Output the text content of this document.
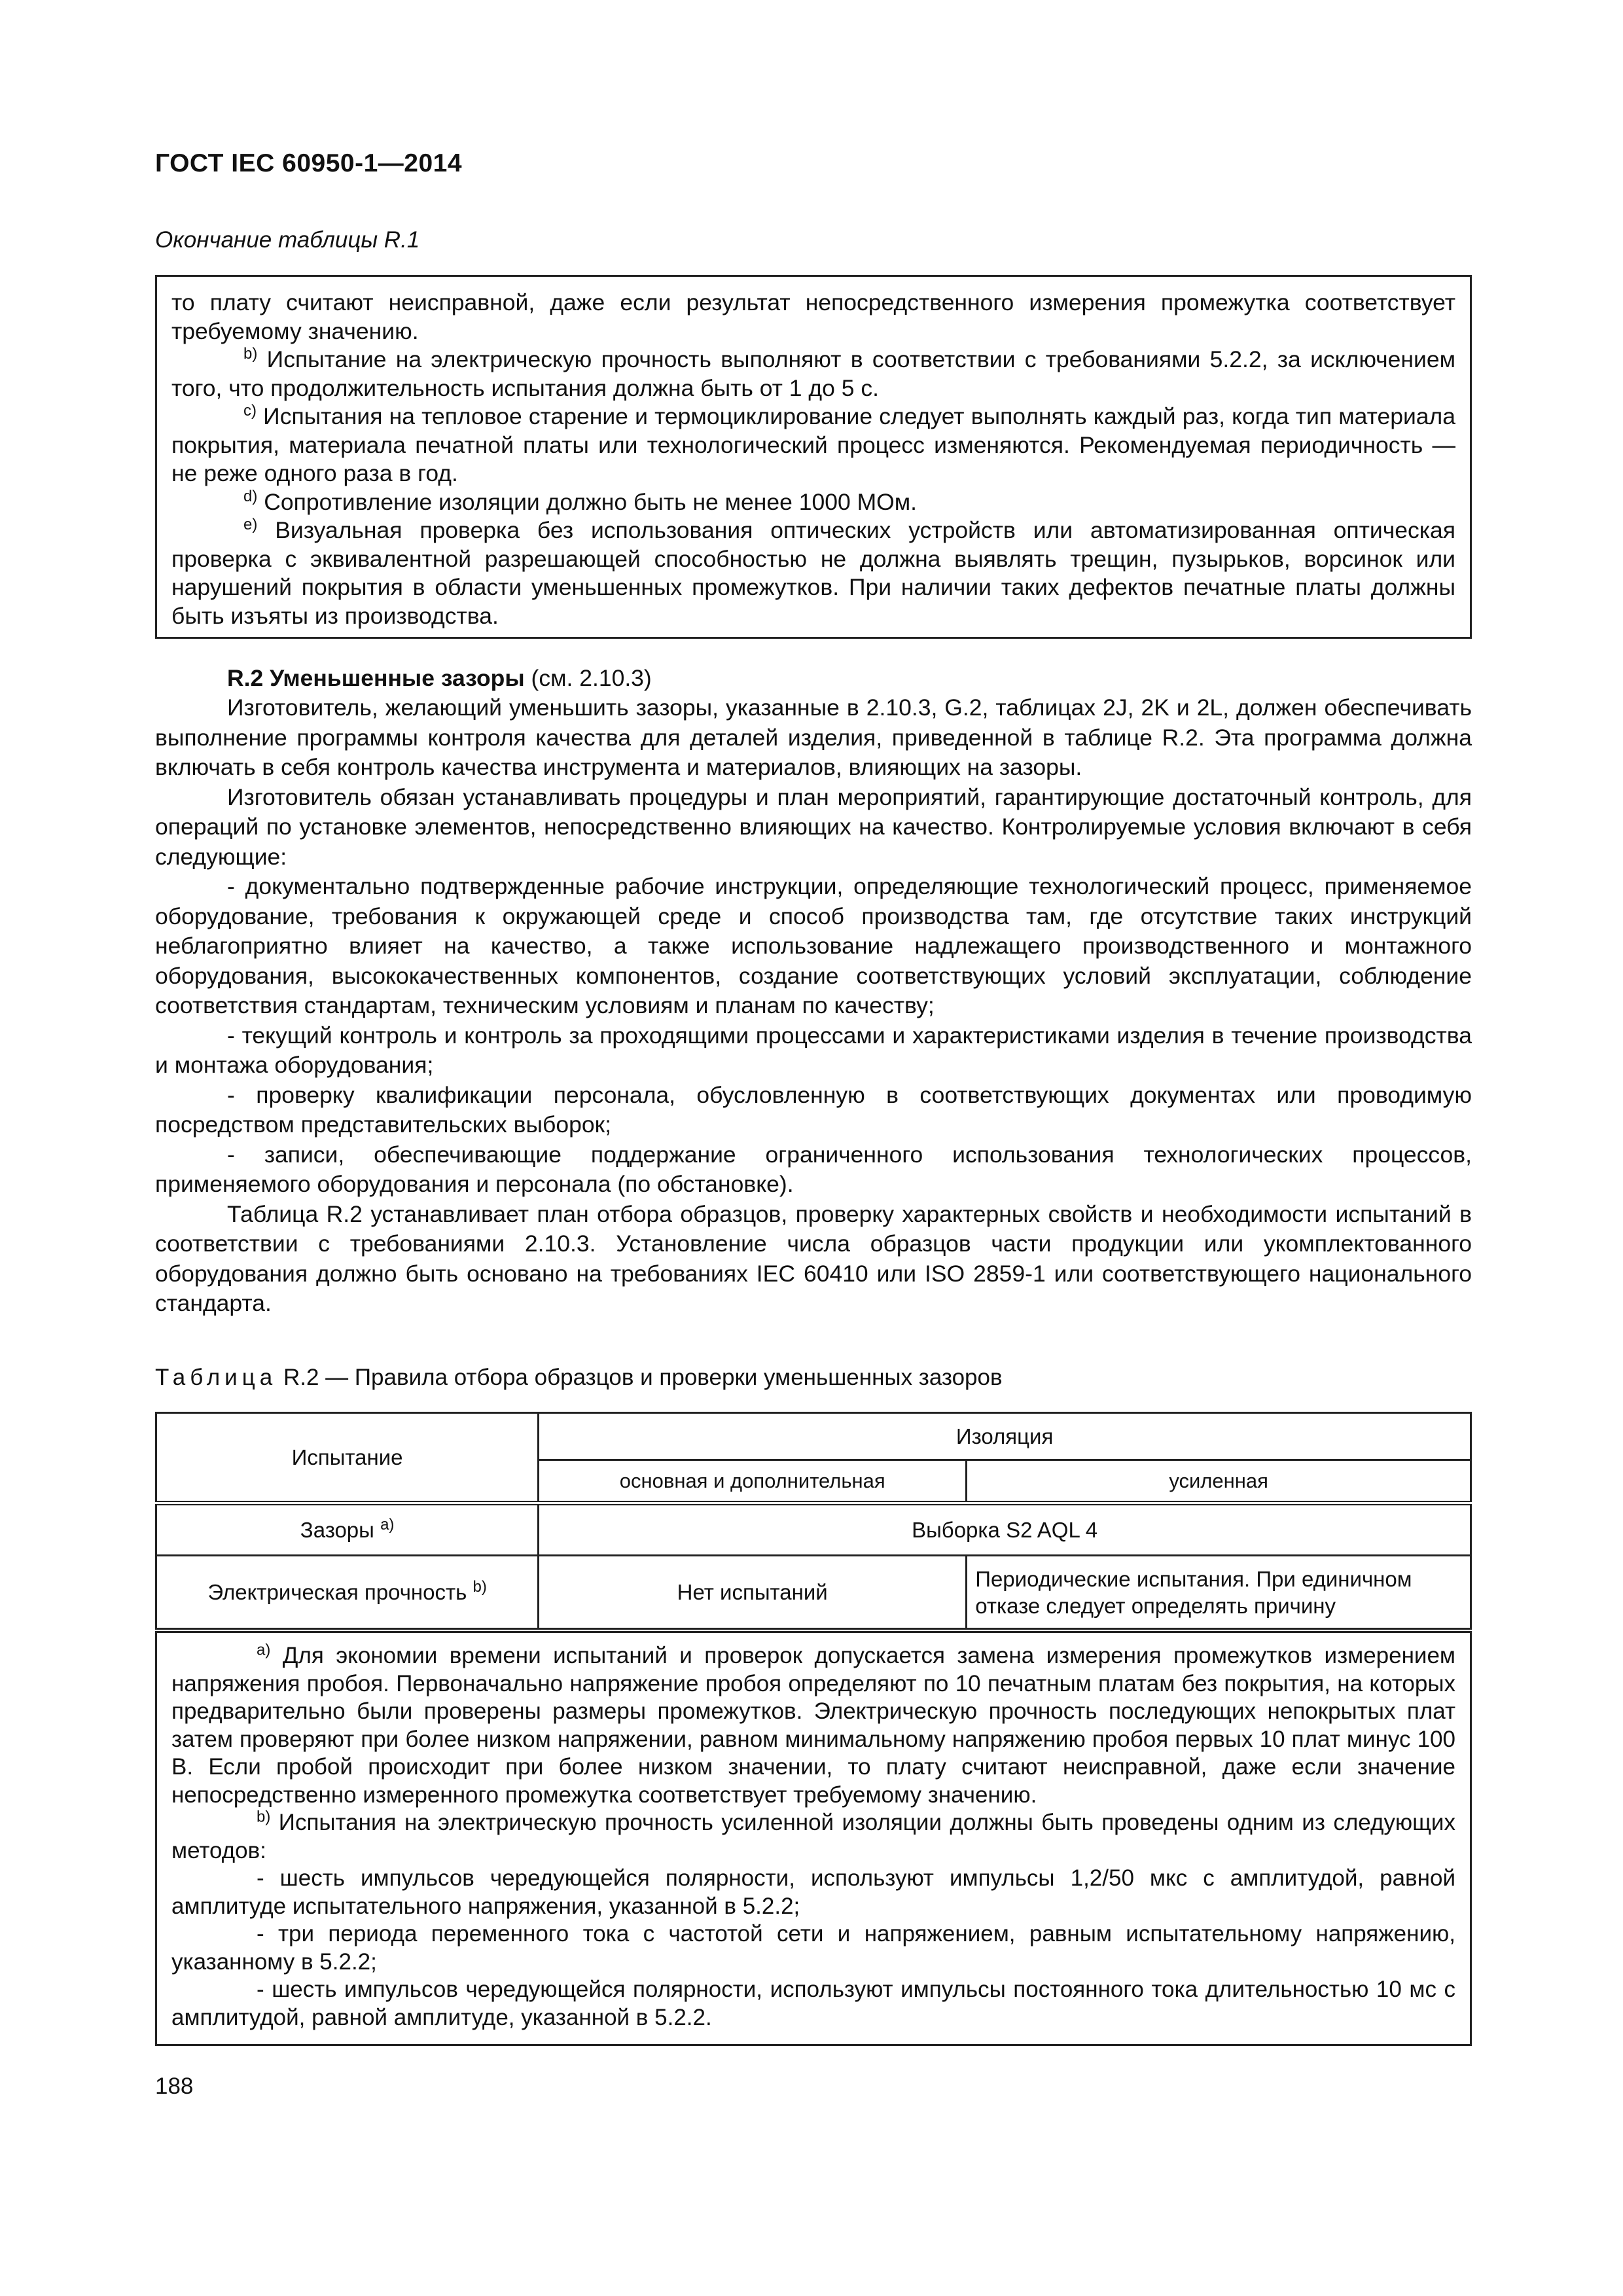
ГОСТ IEC 60950-1—2014
Окончание таблицы R.1

то плату считают неисправной, даже если результат непосредственного измерения промежутка соответствует требуемому значению.

$^{b)}$ Испытание на электрическую прочность выполняют в соответствии с требованиями 5.2.2, за исключением того, что продолжительность испытания должна быть от 1 до 5 с.

$^{c)}$ Испытания на тепловое старение и термоциклирование следует выполнять каждый раз, когда тип материала покрытия, материала печатной платы или технологический процесс изменяются. Рекомендуемая периодичность — не реже одного раза в год.

$^{d)}$ Сопротивление изоляции должно быть не менее 1000 МОм.

$^{e)}$ Визуальная проверка без использования оптических устройств или автоматизированная оптическая проверка с эквивалентной разрешающей способностью не должна выявлять трещин, пузырьков, ворсинок или нарушений покрытия в области уменьшенных промежутков. При наличии таких дефектов печатные платы должны быть изъяты из производства.

R.2 Уменьшенные зазоры (см. 2.10.3)

Изготовитель, желающий уменьшить зазоры, указанные в 2.10.3, G.2, таблицах 2J, 2K и 2L, должен обеспечивать выполнение программы контроля качества для деталей изделия, приведенной в таблице R.2. Эта программа должна включать в себя контроль качества инструмента и материалов, влияющих на зазоры.

Изготовитель обязан устанавливать процедуры и план мероприятий, гарантирующие достаточный контроль, для операций по установке элементов, непосредственно влияющих на качество. Контролируемые условия включают в себя следующие:

- документально подтвержденные рабочие инструкции, определяющие технологический процесс, применяемое оборудование, требования к окружающей среде и способ производства там, где отсутствие таких инструкций неблагоприятно влияет на качество, а также использование надлежащего производственного и монтажного оборудования, высококачественных компонентов, создание соответствующих условий эксплуатации, соблюдение соответствия стандартам, техническим условиям и планам по качеству;

- текущий контроль и контроль за проходящими процессами и характеристиками изделия в течение производства и монтажа оборудования;

- проверку квалификации персонала, обусловленную в соответствующих документах или проводимую посредством представительских выборок;

- записи, обеспечивающие поддержание ограниченного использования технологических процессов, применяемого оборудования и персонала (по обстановке).

Таблица R.2 устанавливает план отбора образцов, проверку характерных свойств и необходимости испытаний в соответствии с требованиями 2.10.3. Установление числа образцов части продукции или укомплектованного оборудования должно быть основано на требованиях IEC 60410 или ISO 2859-1 или соответствующего национального стандарта.

Таблица R.2 — Правила отбора образцов и проверки уменьшенных зазоров
Испытание	Изоляция	
	основная и дополнительная	усиленная
Зазоры $^{a)}$	Выборка S2 AQL 4	
Электрическая прочность $^{b)}$	Нет испытаний	Периодические испытания. При единичном отказе следует определять причину

$^{a)}$ Для экономии времени испытаний и проверок допускается замена измерения промежутков измерением напряжения пробоя. Первоначально напряжение пробоя определяют по 10 печатным платам без покрытия, на которых предварительно были проверены размеры промежутков. Электрическую прочность последующих непокрытых плат затем проверяют при более низком напряжении, равном минимальному напряжению пробоя первых 10 плат минус 100 В. Если пробой происходит при более низком значении, то плату считают неисправной, даже если значение непосредственно измеренного промежутка соответствует требуемому значению.

$^{b)}$ Испытания на электрическую прочность усиленной изоляции должны быть проведены одним из следующих методов:

- шесть импульсов чередующейся полярности, используют импульсы 1,2/50 мкс с амплитудой, равной амплитуде испытательного напряжения, указанной в 5.2.2;

- три периода переменного тока с частотой сети и напряжением, равным испытательному напряжению, указанному в 5.2.2;

- шесть импульсов чередующейся полярности, используют импульсы постоянного тока длительностью 10 мс с амплитудой, равной амплитуде, указанной в 5.2.2.

188
